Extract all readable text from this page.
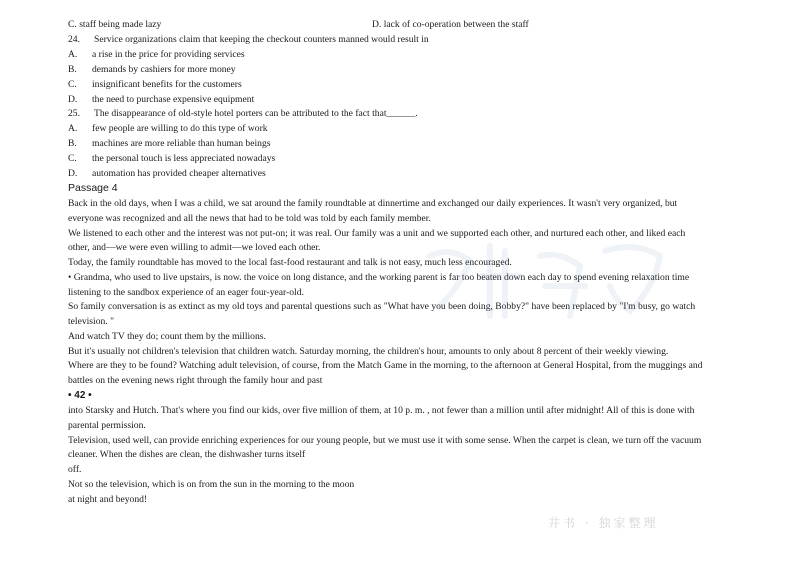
C. staff being made lazy	D. lack of co-operation between the staff
24. Service organizations claim that keeping the checkout counters manned would result in
A. a rise in the price for providing services
B. demands by cashiers for more money
C. insignificant benefits for the customers
D. the need to purchase expensive equipment
25. The disappearance of old-style hotel porters can be attributed to the fact that______.
A. few people are willing to do this type of work
B. machines are more reliable than human beings
C. the personal touch is less appreciated nowadays
D. automation has provided cheaper alternatives
Passage 4
Back in the old days, when I was a child, we sat around the family roundtable at dinnertime and exchanged our daily experiences. It wasn't very organized, but
everyone was recognized and all the news that had to be told was told by each family member.
We listened to each other and the interest was not put-on; it was real. Our family was a unit and we supported each other, and nurtured each other, and liked each
other, and—we were even willing to admit—we loved each other.
Today, the family roundtable has moved to the local fast-food restaurant and talk is not easy, much less encouraged.
• Grandma, who used to live upstairs, is now. the voice on long distance, and the working parent is far too beaten down each day to spend evening relaxation time
listening to the sandbox experience of an eager four-year-old.
So family conversation is as extinct as my old toys and parental questions such as "What have you been doing, Bobby?" have been replaced by "I'm busy, go watch
television. "
And watch TV they do; count them by the millions.
But it's usually not children's television that children watch. Saturday morning, the children's hour, amounts to only about 8 percent of their weekly viewing.
Where are they to be found? Watching adult television, of course, from the Match Game in the morning, to the afternoon at General Hospital, from the muggings and
battles on the evening news right through the family hour and past
• 42 •
into Starsky and Hutch. That's where you find our kids, over five million of them, at 10 p. m. , not fewer than a million until after midnight! All of this is done with
parental permission.
Television, used well, can provide enriching experiences for our young people, but we must use it with some sense. When the carpet is clean, we turn off the vacuum
cleaner. When the dishes are clean, the dishwasher turns itself
off.
Not so the television, which is on from the sun in the morning to the moon
at night and beyond!
井书 · 独家整理
